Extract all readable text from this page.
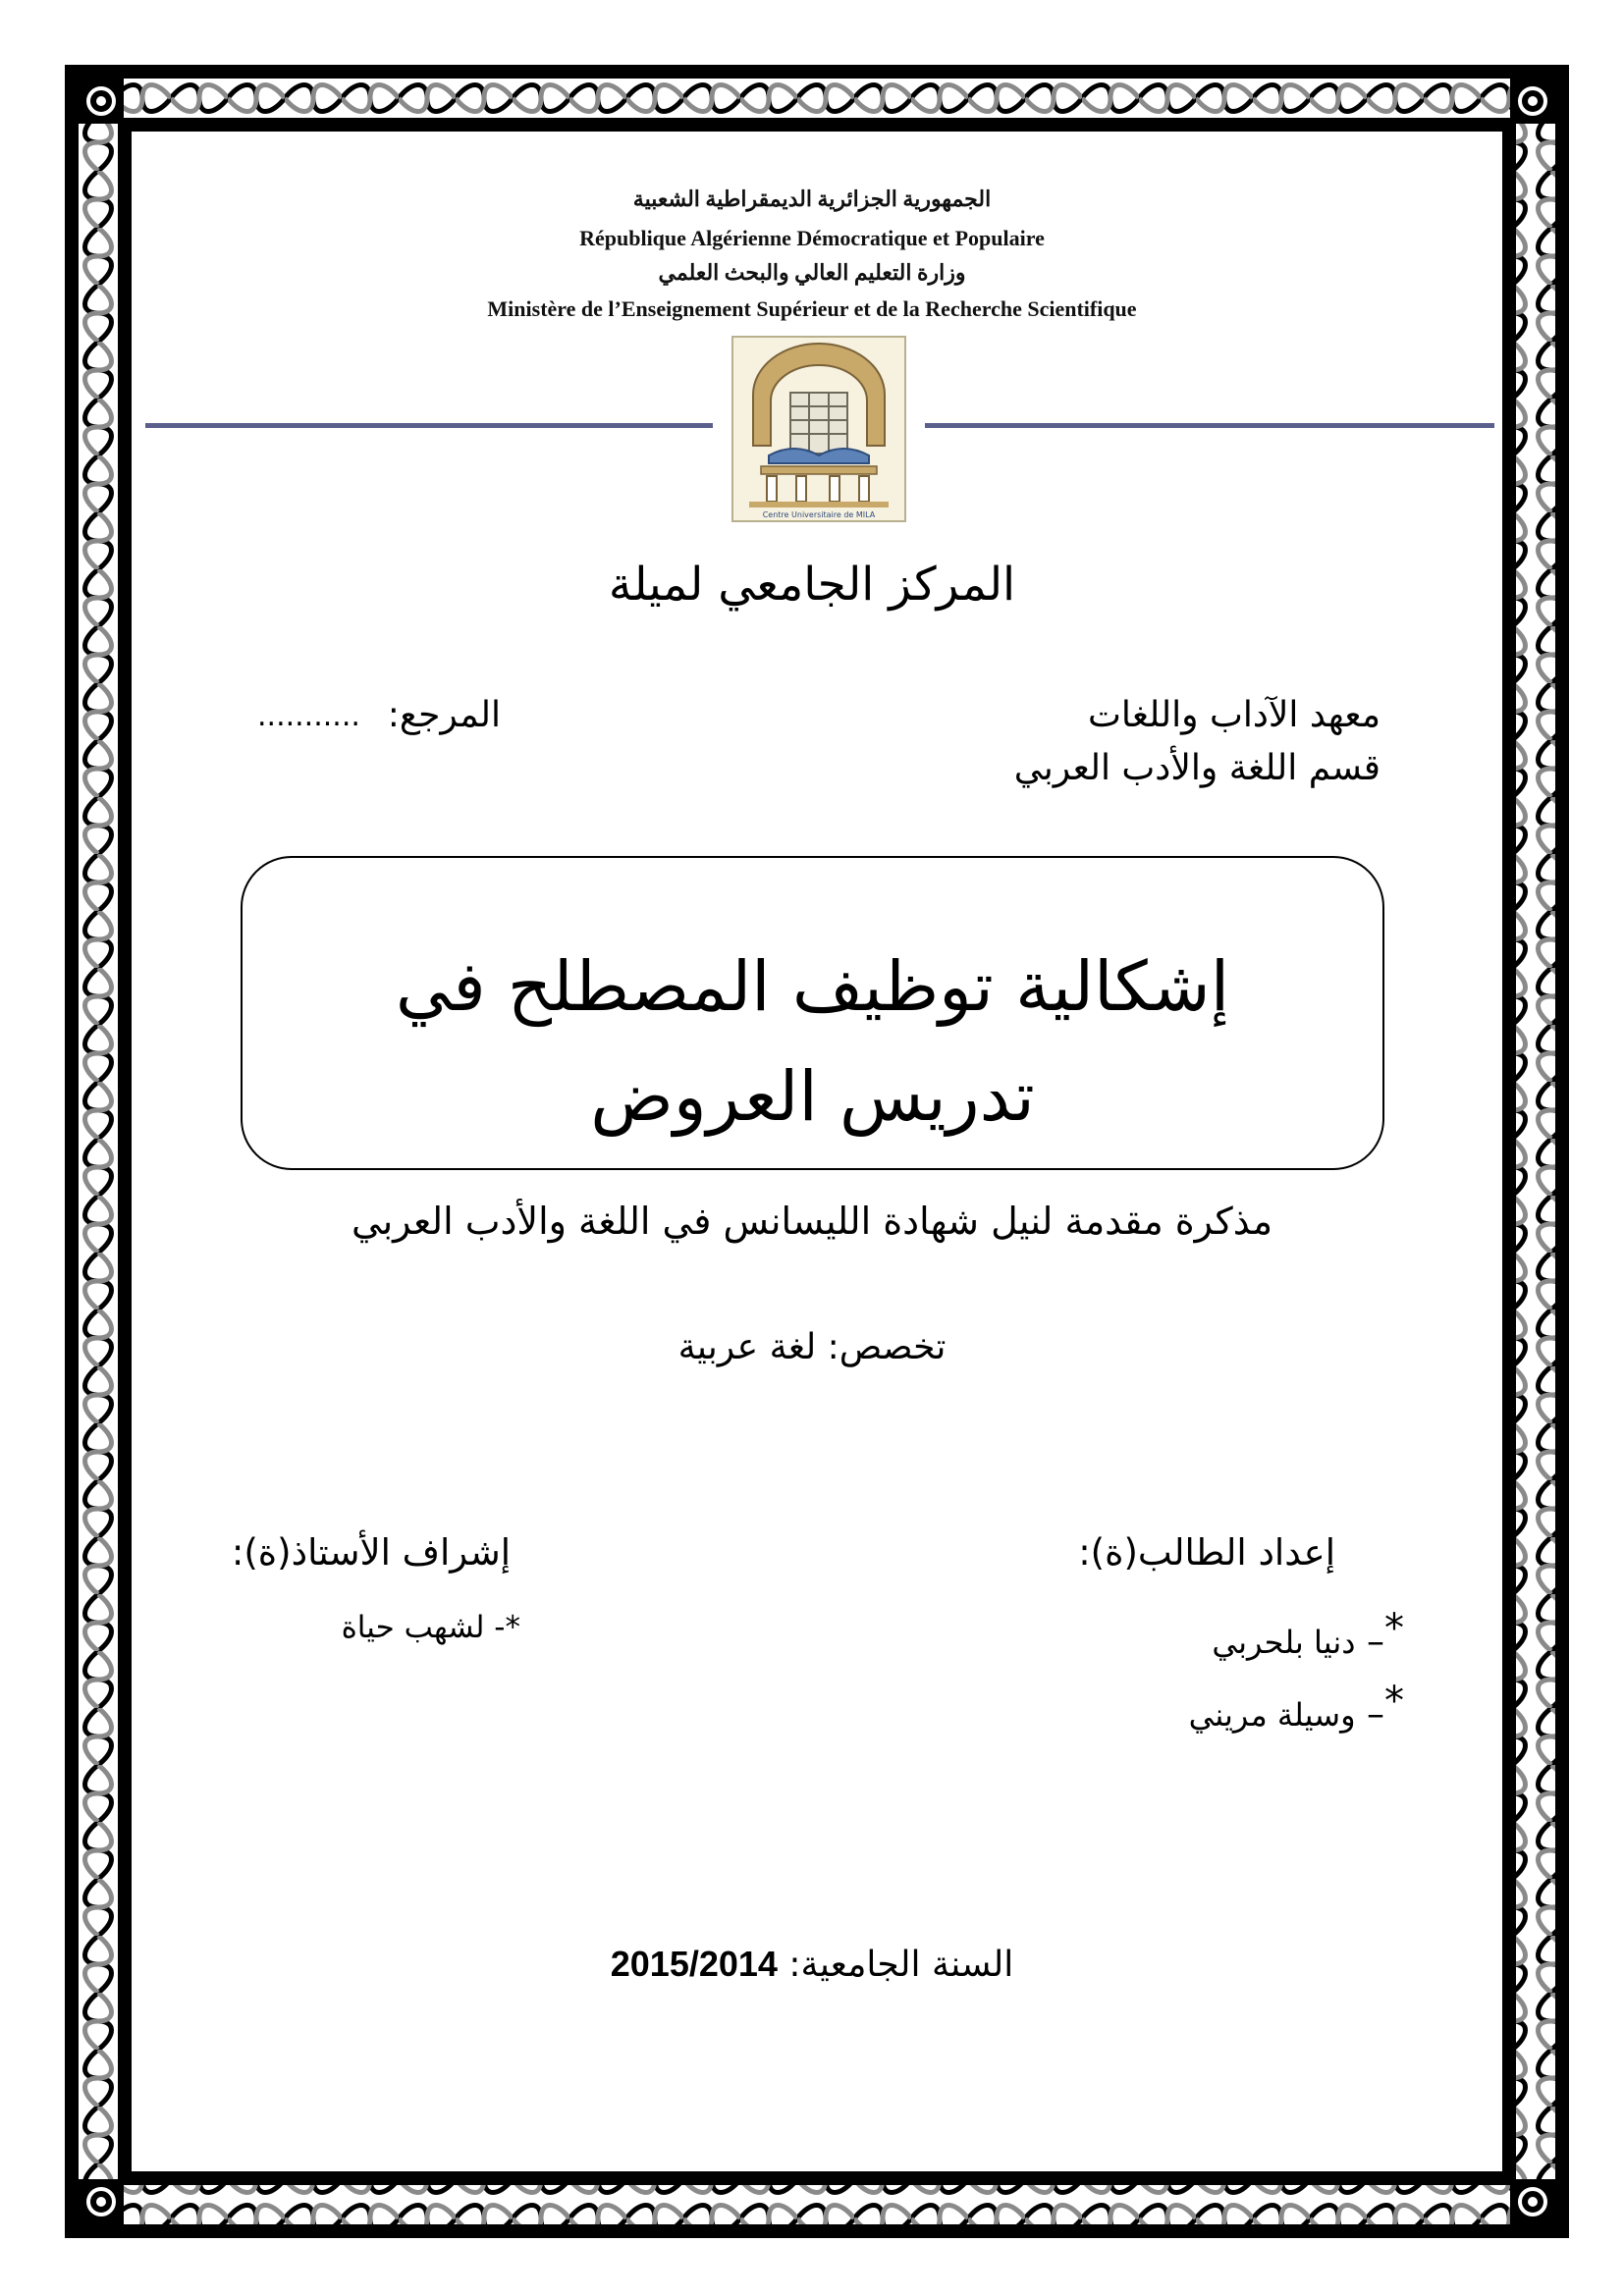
الجمهورية الجزائرية الديمقراطية الشعبية
République Algérienne Démocratique et Populaire
وزارة التعليم العالي والبحث العلمي
Ministère de l’Enseignement Supérieur et de la Recherche Scientifique
Centre Universitaire de MILA
المركز الجامعي لميلة
المرجع:
...........	معهد الآداب واللغات
قسم اللغة والأدب العربي
إشكالية توظيف المصطلح في
تدريس العروض
مذكرة مقدمة لنيل شهادة الليسانس في اللغة والأدب العربي
تخصص: لغة عربية
إعداد الطالب(ة):
دنيا بلحربي –*
وسيلة مريني –*
إشراف الأستاذ(ة):
*- لشهب حياة
2015/2014 السنة الجامعية:
